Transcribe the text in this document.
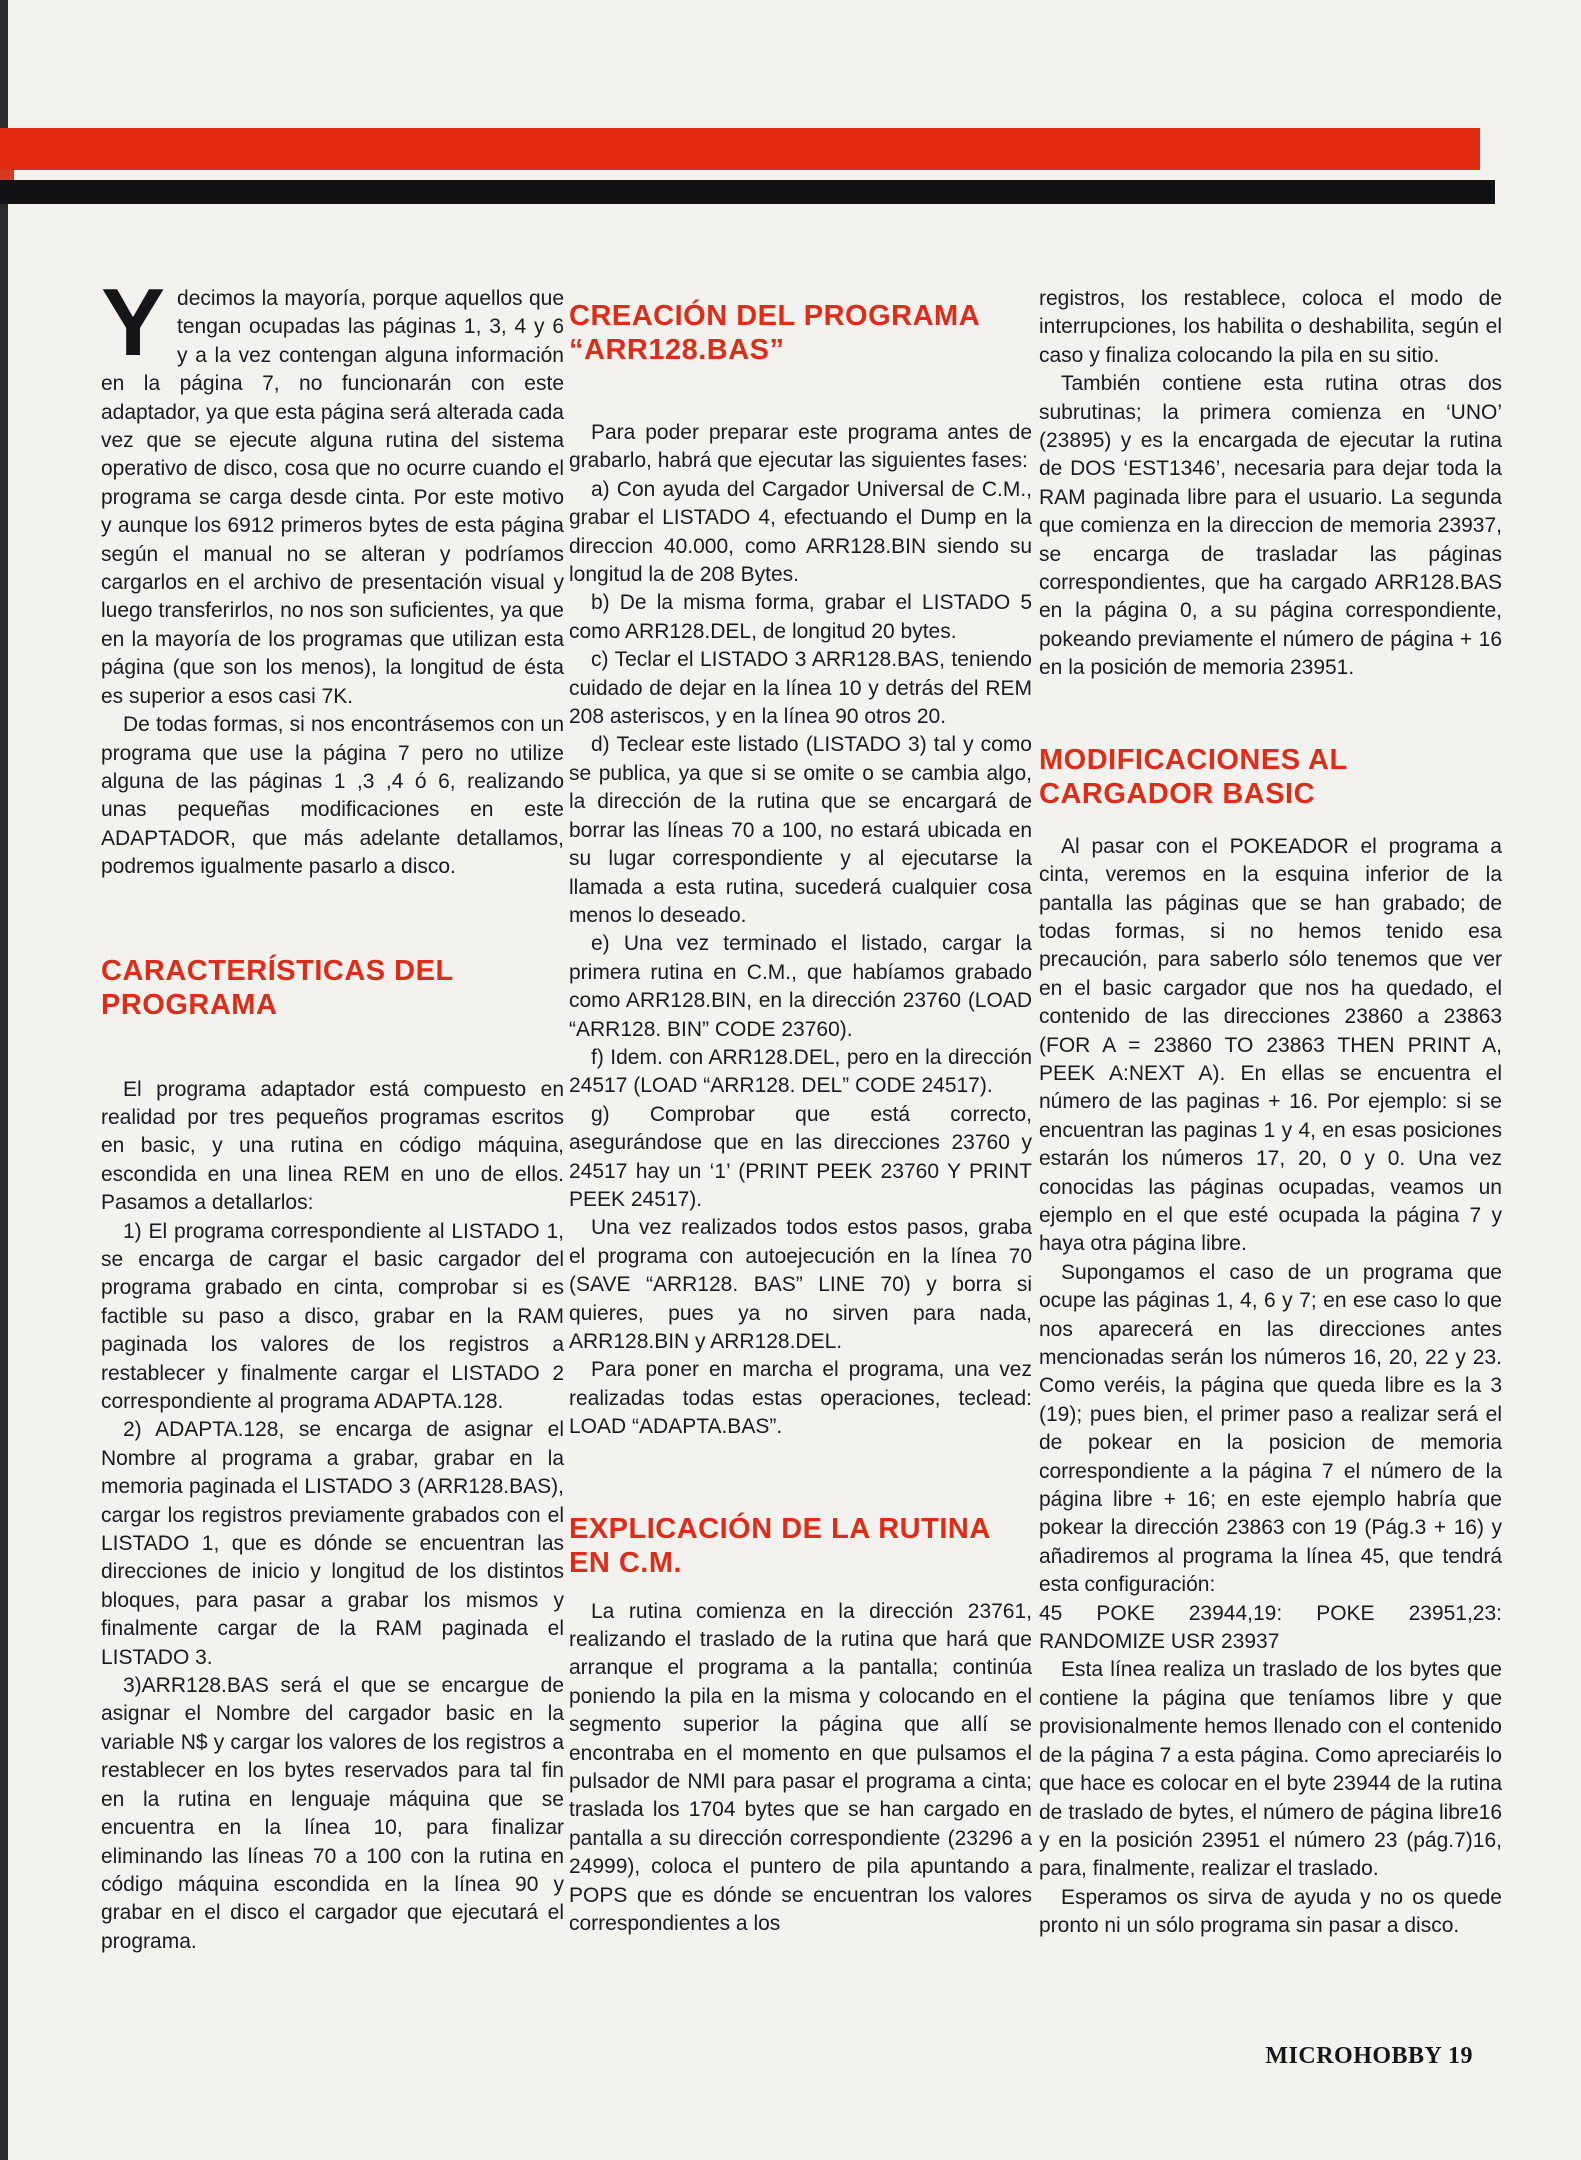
Ydecimos la mayoría, porque aquellos que tengan ocupadas las páginas 1, 3, 4 y 6 y a la vez contengan alguna información en la página 7, no funcionarán con este adaptador, ya que esta página será alterada cada vez que se ejecute alguna rutina del sistema operativo de disco, cosa que no ocurre cuando el programa se carga desde cinta. Por este motivo y aunque los 6912 primeros bytes de esta página según el manual no se alteran y podríamos cargarlos en el archivo de presentación visual y luego transferirlos, no nos son suficientes, ya que en la mayoría de los programas que utilizan esta página (que son los menos), la longitud de ésta es superior a esos casi 7K.

De todas formas, si nos encontrásemos con un programa que use la página 7 pero no utilize alguna de las páginas 1 ,3 ,4 ó 6, realizando unas pequeñas modificaciones en este ADAPTADOR, que más adelante detallamos, podremos igualmente pasarlo a disco.

CARACTERÍSTICAS DEL PROGRAMA

El programa adaptador está compuesto en realidad por tres pequeños programas escritos en basic, y una rutina en código máquina, escondida en una linea REM en uno de ellos. Pasamos a detallarlos:

1) El programa correspondiente al LISTADO 1, se encarga de cargar el basic cargador del programa grabado en cinta, comprobar si es factible su paso a disco, grabar en la RAM paginada los valores de los registros a restablecer y finalmente cargar el LISTADO 2 correspondiente al programa ADAPTA.128.

2) ADAPTA.128, se encarga de asignar el Nombre al programa a grabar, grabar en la memoria paginada el LISTADO 3 (ARR128.BAS), cargar los registros previamente grabados con el LISTADO 1, que es dónde se encuentran las direcciones de inicio y longitud de los distintos bloques, para pasar a grabar los mismos y finalmente cargar de la RAM paginada el LISTADO 3.

3)ARR128.BAS será el que se encargue de asignar el Nombre del cargador basic en la variable N$ y cargar los valores de los registros a restablecer en los bytes reservados para tal fin en la rutina en lenguaje máquina que se encuentra en la línea 10, para finalizar eliminando las líneas 70 a 100 con la rutina en código máquina escondida en la línea 90 y grabar en el disco el cargador que ejecutará el programa.

CREACIÓN DEL PROGRAMA “ARR128.BAS”

Para poder preparar este programa antes de grabarlo, habrá que ejecutar las siguientes fases:

a) Con ayuda del Cargador Universal de C.M., grabar el LISTADO 4, efectuando el Dump en la direccion 40.000, como ARR128.BIN siendo su longitud la de 208 Bytes.

b) De la misma forma, grabar el LISTADO 5 como ARR128.DEL, de longitud 20 bytes.

c) Teclar el LISTADO 3 ARR128.BAS, teniendo cuidado de dejar en la línea 10 y detrás del REM 208 asteriscos, y en la línea 90 otros 20.

d) Teclear este listado (LISTADO 3) tal y como se publica, ya que si se omite o se cambia algo, la dirección de la rutina que se encargará de borrar las líneas 70 a 100, no estará ubicada en su lugar correspondiente y al ejecutarse la llamada a esta rutina, sucederá cualquier cosa menos lo deseado.

e) Una vez terminado el listado, cargar la primera rutina en C.M., que habíamos grabado como ARR128.BIN, en la dirección 23760 (LOAD “ARR128. BIN” CODE 23760).

f) Idem. con ARR128.DEL, pero en la dirección 24517 (LOAD “ARR128. DEL” CODE 24517).

g) Comprobar que está correcto, asegurándose que en las direcciones 23760 y 24517 hay un ‘1’ (PRINT PEEK 23760 Y PRINT PEEK 24517).

Una vez realizados todos estos pasos, graba el programa con autoejecución en la línea 70 (SAVE “ARR128. BAS” LINE 70) y borra si quieres, pues ya no sirven para nada, ARR128.BIN y ARR128.DEL.

Para poner en marcha el programa, una vez realizadas todas estas operaciones, teclead: LOAD “ADAPTA.BAS”.

EXPLICACIÓN DE LA RUTINA EN C.M.

La rutina comienza en la dirección 23761, realizando el traslado de la rutina que hará que arranque el programa a la pantalla; continúa poniendo la pila en la misma y colocando en el segmento superior la página que allí se encontraba en el momento en que pulsamos el pulsador de NMI para pasar el programa a cinta; traslada los 1704 bytes que se han cargado en pantalla a su dirección correspondiente (23296 a 24999), coloca el puntero de pila apuntando a POPS que es dónde se encuentran los valores correspondientes a los

registros, los restablece, coloca el modo de interrupciones, los habilita o deshabilita, según el caso y finaliza colocando la pila en su sitio.

También contiene esta rutina otras dos subrutinas; la primera comienza en ‘UNO’ (23895) y es la encargada de ejecutar la rutina de DOS ‘EST1346’, necesaria para dejar toda la RAM paginada libre para el usuario. La segunda que comienza en la direccion de memoria 23937, se encarga de trasladar las páginas correspondientes, que ha cargado ARR128.BAS en la página 0, a su página correspondiente, pokeando previamente el número de página + 16 en la posición de memoria 23951.

MODIFICACIONES AL CARGADOR BASIC

Al pasar con el POKEADOR el programa a cinta, veremos en la esquina inferior de la pantalla las páginas que se han grabado; de todas formas, si no hemos tenido esa precaución, para saberlo sólo tenemos que ver en el basic cargador que nos ha quedado, el contenido de las direcciones 23860 a 23863 (FOR A = 23860 TO 23863 THEN PRINT A, PEEK A:NEXT A). En ellas se encuentra el número de las paginas + 16. Por ejemplo: si se encuentran las paginas 1 y 4, en esas posiciones estarán los números 17, 20, 0 y 0. Una vez conocidas las páginas ocupadas, veamos un ejemplo en el que esté ocupada la página 7 y haya otra página libre.

Supongamos el caso de un programa que ocupe las páginas 1, 4, 6 y 7; en ese caso lo que nos aparecerá en las direcciones antes mencionadas serán los números 16, 20, 22 y 23. Como veréis, la página que queda libre es la 3 (19); pues bien, el primer paso a realizar será el de pokear en la posicion de memoria correspondiente a la página 7 el número de la página libre + 16; en este ejemplo habría que pokear la dirección 23863 con 19 (Pág.3 + 16) y añadiremos al programa la línea 45, que tendrá esta configuración:

45 POKE 23944,19: POKE 23951,23: RANDOMIZE USR 23937

Esta línea realiza un traslado de los bytes que contiene la página que teníamos libre y que provisionalmente hemos llenado con el contenido de la página 7 a esta página. Como apreciaréis lo que hace es colocar en el byte 23944 de la rutina de traslado de bytes, el número de página libre16 y en la posición 23951 el número 23 (pág.7)16, para, finalmente, realizar el traslado.

Esperamos os sirva de ayuda y no os quede pronto ni un sólo programa sin pasar a disco.

MICROHOBBY 19
